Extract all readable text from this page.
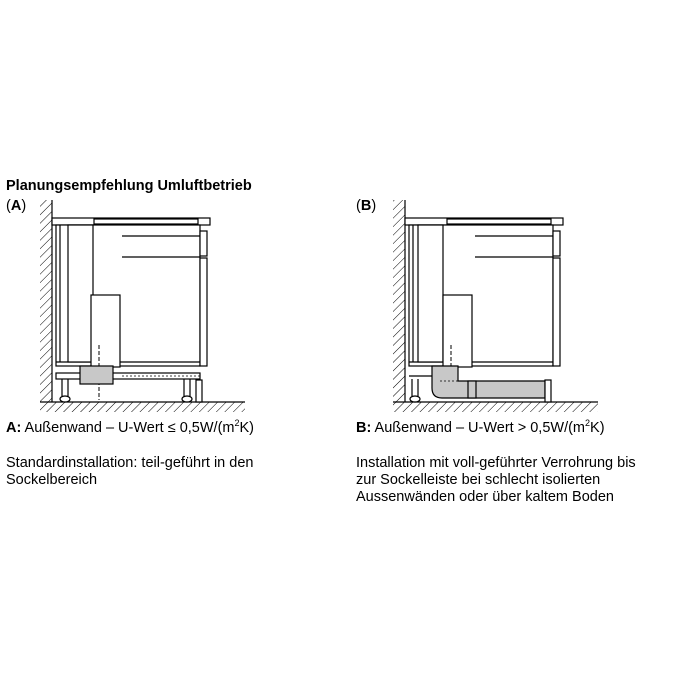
Planungsempfehlung Umluftbetrieb
(A)	(B)
A: Außenwand – U-Wert ≤ $0,5W/(m^2K)$	B: Außenwand – U-Wert > $0,5W/(m^2K)$
Standardinstallation: teil-geführt in den
Sockelbereich
Installation mit voll-geführter Verrohrung bis
zur Sockelleiste bei schlecht isolierten
Aussenwänden oder über kaltem Boden
